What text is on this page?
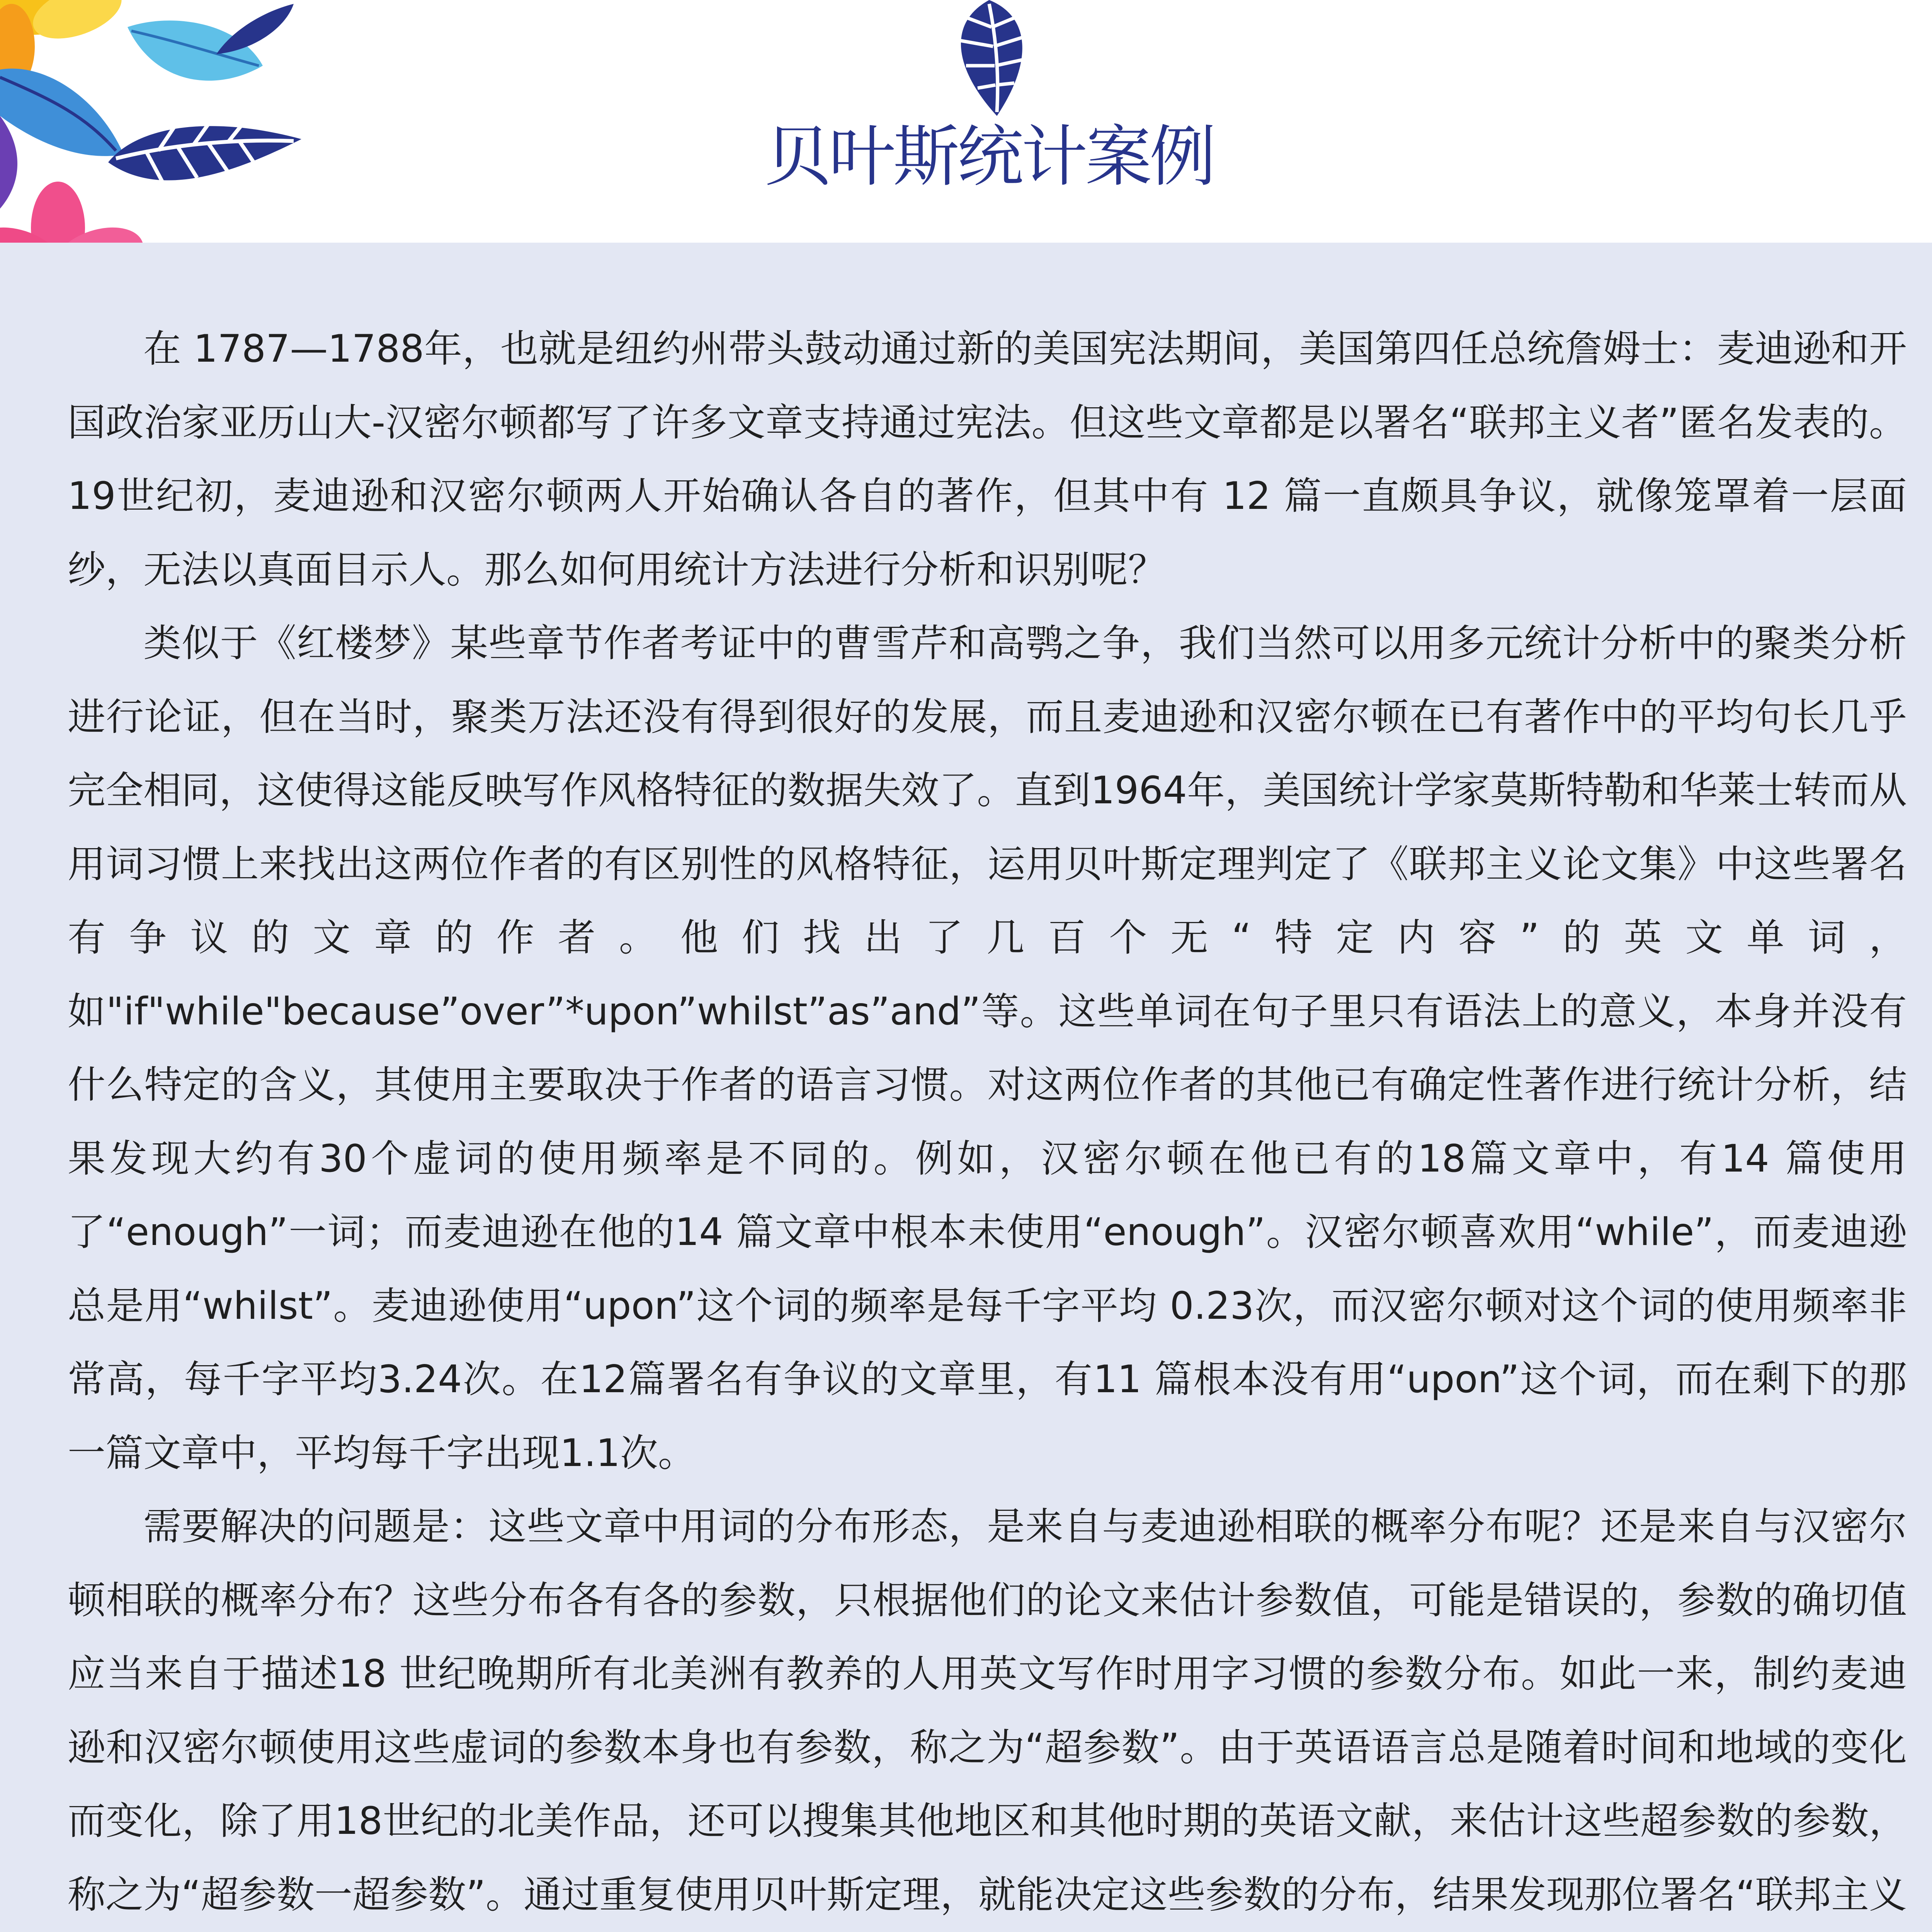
贝叶斯统计案例

在 1787—1788年，也就是纽约州带头鼓动通过新的美国宪法期间，美国第四任总统詹姆士：麦迪逊和开国政治家亚历山大-汉密尔顿都写了许多文章支持通过宪法。但这些文章都是以署名“联邦主义者”匿名发表的。19世纪初，麦迪逊和汉密尔顿两人开始确认各自的著作，但其中有 12 篇一直颇具争议，就像笼罩着一层面纱，无法以真面目示人。那么如何用统计方法进行分析和识别呢？

类似于《红楼梦》某些章节作者考证中的曹雪芹和高鹗之争，我们当然可以用多元统计分析中的聚类分析进行论证，但在当时，聚类万法还没有得到很好的发展，而且麦迪逊和汉密尔顿在已有著作中的平均句长几乎完全相同，这使得这能反映写作风格特征的数据失效了。直到1964年，美国统计学家莫斯特勒和华莱士转而从用词习惯上来找出这两位作者的有区别性的风格特征，运用贝叶斯定理判定了《联邦主义论文集》中这些署名有争议的文章的作者。他们找出了几百个无“特定内容”的英文单词，如"if"while"because”over”*upon”whilst”as”and”等。这些单词在句子里只有语法上的意义，本身并没有什么特定的含义，其使用主要取决于作者的语言习惯。对这两位作者的其他已有确定性著作进行统计分析，结果发现大约有30个虚词的使用频率是不同的。例如，汉密尔顿在他已有的18篇文章中，有14 篇使用了“enough”一词；而麦迪逊在他的14 篇文章中根本未使用“enough”。汉密尔顿喜欢用“while”，而麦迪逊总是用“whilst”。麦迪逊使用“upon”这个词的频率是每千字平均 0.23次，而汉密尔顿对这个词的使用频率非常高，每千字平均3.24次。在12篇署名有争议的文章里，有11 篇根本没有用“upon”这个词，而在剩下的那一篇文章中，平均每千字出现1.1次。

需要解决的问题是：这些文章中用词的分布形态，是来自与麦迪逊相联的概率分布呢？还是来自与汉密尔顿相联的概率分布？这些分布各有各的参数，只根据他们的论文来估计参数值，可能是错误的，参数的确切值应当来自于描述18 世纪晚期所有北美洲有教养的人用英文写作时用字习惯的参数分布。如此一来，制约麦迪逊和汉密尔顿使用这些虚词的参数本身也有参数，称之为“超参数”。由于英语语言总是随着时间和地域的变化而变化，除了用18世纪的北美作品，还可以搜集其他地区和其他时期的英语文献，来估计这些超参数的参数，称之为“超参数一超参数”。通过重复使用贝叶斯定理，就能决定这些参数的分布，结果发现那位署名“联邦主义
